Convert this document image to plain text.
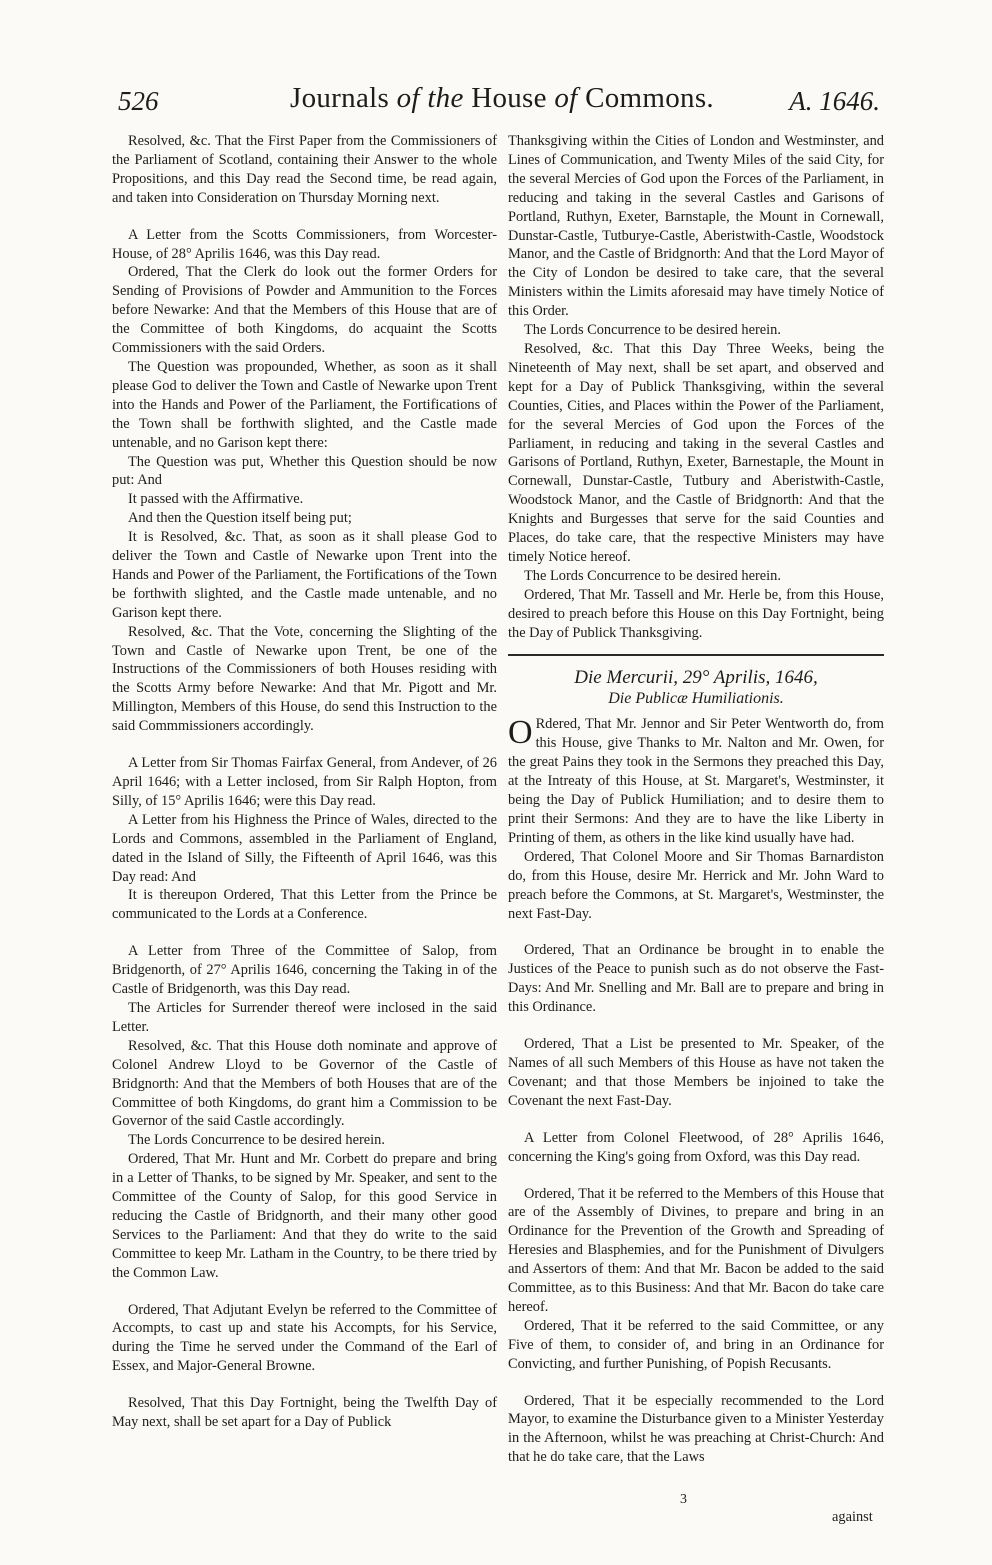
526	Journals of the House of Commons.	A. 1646.

Resolved, &c. That the First Paper from the Commissioners of the Parliament of Scotland, containing their Answer to the whole Propositions, and this Day read the Second time, be read again, and taken into Consideration on Thursday Morning next.

A Letter from the Scotts Commissioners, from Worcester-House, of 28° Aprilis 1646, was this Day read.

Ordered, That the Clerk do look out the former Orders for Sending of Provisions of Powder and Ammunition to the Forces before Newarke: And that the Members of this House that are of the Committee of both Kingdoms, do acquaint the Scotts Commissioners with the said Orders.

The Question was propounded, Whether, as soon as it shall please God to deliver the Town and Castle of Newarke upon Trent into the Hands and Power of the Parliament, the Fortifications of the Town shall be forthwith slighted, and the Castle made untenable, and no Garison kept there:

The Question was put, Whether this Question should be now put: And

It passed with the Affirmative.

And then the Question itself being put;

It is Resolved, &c. That, as soon as it shall please God to deliver the Town and Castle of Newarke upon Trent into the Hands and Power of the Parliament, the Fortifications of the Town be forthwith slighted, and the Castle made untenable, and no Garison kept there.

Resolved, &c. That the Vote, concerning the Slighting of the Town and Castle of Newarke upon Trent, be one of the Instructions of the Commissioners of both Houses residing with the Scotts Army before Newarke: And that Mr. Pigott and Mr. Millington, Members of this House, do send this Instruction to the said Commmissioners accordingly.

A Letter from Sir Thomas Fairfax General, from Andever, of 26 April 1646; with a Letter inclosed, from Sir Ralph Hopton, from Silly, of 15° Aprilis 1646; were this Day read.

A Letter from his Highness the Prince of Wales, directed to the Lords and Commons, assembled in the Parliament of England, dated in the Island of Silly, the Fifteenth of April 1646, was this Day read: And

It is thereupon Ordered, That this Letter from the Prince be communicated to the Lords at a Conference.

A Letter from Three of the Committee of Salop, from Bridgenorth, of 27° Aprilis 1646, concerning the Taking in of the Castle of Bridgenorth, was this Day read.

The Articles for Surrender thereof were inclosed in the said Letter.

Resolved, &c. That this House doth nominate and approve of Colonel Andrew Lloyd to be Governor of the Castle of Bridgnorth: And that the Members of both Houses that are of the Committee of both Kingdoms, do grant him a Commission to be Governor of the said Castle accordingly.

The Lords Concurrence to be desired herein.

Ordered, That Mr. Hunt and Mr. Corbett do prepare and bring in a Letter of Thanks, to be signed by Mr. Speaker, and sent to the Committee of the County of Salop, for this good Service in reducing the Castle of Bridgnorth, and their many other good Services to the Parliament: And that they do write to the said Committee to keep Mr. Latham in the Country, to be there tried by the Common Law.

Ordered, That Adjutant Evelyn be referred to the Committee of Accompts, to cast up and state his Accompts, for his Service, during the Time he served under the Command of the Earl of Essex, and Major-General Browne.

Resolved, That this Day Fortnight, being the Twelfth Day of May next, shall be set apart for a Day of Publick

Thanksgiving within the Cities of London and Westminster, and Lines of Communication, and Twenty Miles of the said City, for the several Mercies of God upon the Forces of the Parliament, in reducing and taking in the several Castles and Garisons of Portland, Ruthyn, Exeter, Barnstaple, the Mount in Cornewall, Dunstar-Castle, Tutburye-Castle, Aberistwith-Castle, Woodstock Manor, and the Castle of Bridgnorth: And that the Lord Mayor of the City of London be desired to take care, that the several Ministers within the Limits aforesaid may have timely Notice of this Order.

The Lords Concurrence to be desired herein.

Resolved, &c. That this Day Three Weeks, being the Nineteenth of May next, shall be set apart, and observed and kept for a Day of Publick Thanksgiving, within the several Counties, Cities, and Places within the Power of the Parliament, for the several Mercies of God upon the Forces of the Parliament, in reducing and taking in the several Castles and Garisons of Portland, Ruthyn, Exeter, Barnestaple, the Mount in Cornewall, Dunstar-Castle, Tutbury and Aberistwith-Castle, Woodstock Manor, and the Castle of Bridgnorth: And that the Knights and Burgesses that serve for the said Counties and Places, do take care, that the respective Ministers may have timely Notice hereof.

The Lords Concurrence to be desired herein.

Ordered, That Mr. Tassell and Mr. Herle be, from this House, desired to preach before this House on this Day Fortnight, being the Day of Publick Thanksgiving.

Die Mercurii, 29° Aprilis, 1646,
Die Publicæ Humiliationis.

O Rdered, That Mr. Jennor and Sir Peter Wentworth do, from this House, give Thanks to Mr. Nalton and Mr. Owen, for the great Pains they took in the Sermons they preached this Day, at the Intreaty of this House, at St. Margaret's, Westminster, it being the Day of Publick Humiliation; and to desire them to print their Sermons: And they are to have the like Liberty in Printing of them, as others in the like kind usually have had.

Ordered, That Colonel Moore and Sir Thomas Barnardiston do, from this House, desire Mr. Herrick and Mr. John Ward to preach before the Commons, at St. Margaret's, Westminster, the next Fast-Day.

Ordered, That an Ordinance be brought in to enable the Justices of the Peace to punish such as do not observe the Fast-Days: And Mr. Snelling and Mr. Ball are to prepare and bring in this Ordinance.

Ordered, That a List be presented to Mr. Speaker, of the Names of all such Members of this House as have not taken the Covenant; and that those Members be injoined to take the Covenant the next Fast-Day.

A Letter from Colonel Fleetwood, of 28° Aprilis 1646, concerning the King's going from Oxford, was this Day read.

Ordered, That it be referred to the Members of this House that are of the Assembly of Divines, to prepare and bring in an Ordinance for the Prevention of the Growth and Spreading of Heresies and Blasphemies, and for the Punishment of Divulgers and Assertors of them: And that Mr. Bacon be added to the said Committee, as to this Business: And that Mr. Bacon do take care hereof.

Ordered, That it be referred to the said Committee, or any Five of them, to consider of, and bring in an Ordinance for Convicting, and further Punishing, of Popish Recusants.

Ordered, That it be especially recommended to the Lord Mayor, to examine the Disturbance given to a Minister Yesterday in the Afternoon, whilst he was preaching at Christ-Church: And that he do take care, that the Laws

3
against
